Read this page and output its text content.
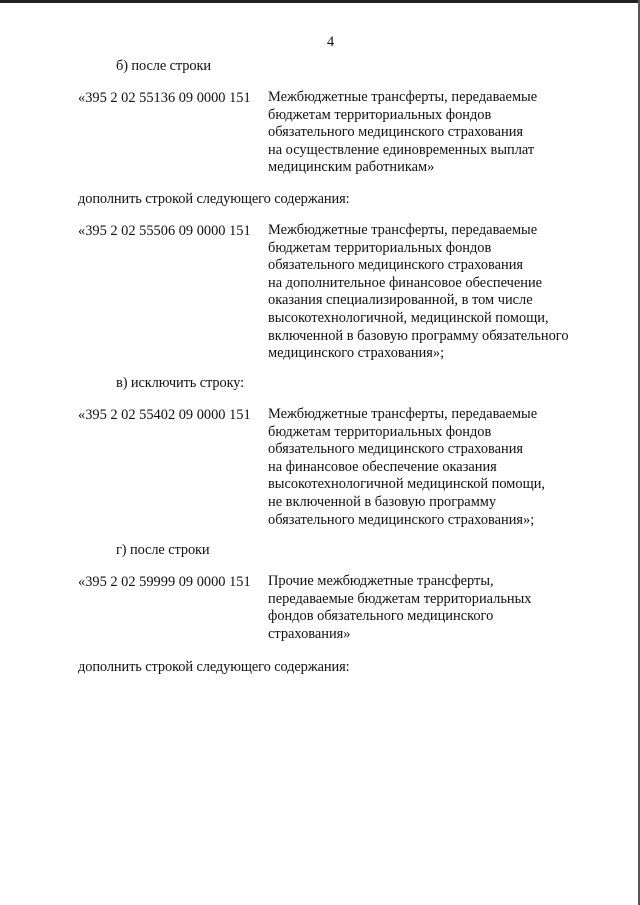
4
б) после строки
«395 2 02 55136 09 0000 151 Межбюджетные трансферты, передаваемые
бюджетам территориальных фондов
обязательного медицинского страхования
на осуществление единовременных выплат
медицинским работникам»
дополнить строкой следующего содержания:
«395 2 02 55506 09 0000 151 Межбюджетные трансферты, передаваемые
бюджетам территориальных фондов
обязательного медицинского страхования
на дополнительное финансовое обеспечение
оказания специализированной, в том числе
высокотехнологичной, медицинской помощи,
включенной в базовую программу обязательного
медицинского страхования»;
в) исключить строку:
«395 2 02 55402 09 0000 151 Межбюджетные трансферты, передаваемые
бюджетам территориальных фондов
обязательного медицинского страхования
на финансовое обеспечение оказания
высокотехнологичной медицинской помощи,
не включенной в базовую программу
обязательного медицинского страхования»;
г) после строки
«395 2 02 59999 09 0000 151 Прочие межбюджетные трансферты,
передаваемые бюджетам территориальных
фондов обязательного медицинского
страхования»
дополнить строкой следующего содержания:
